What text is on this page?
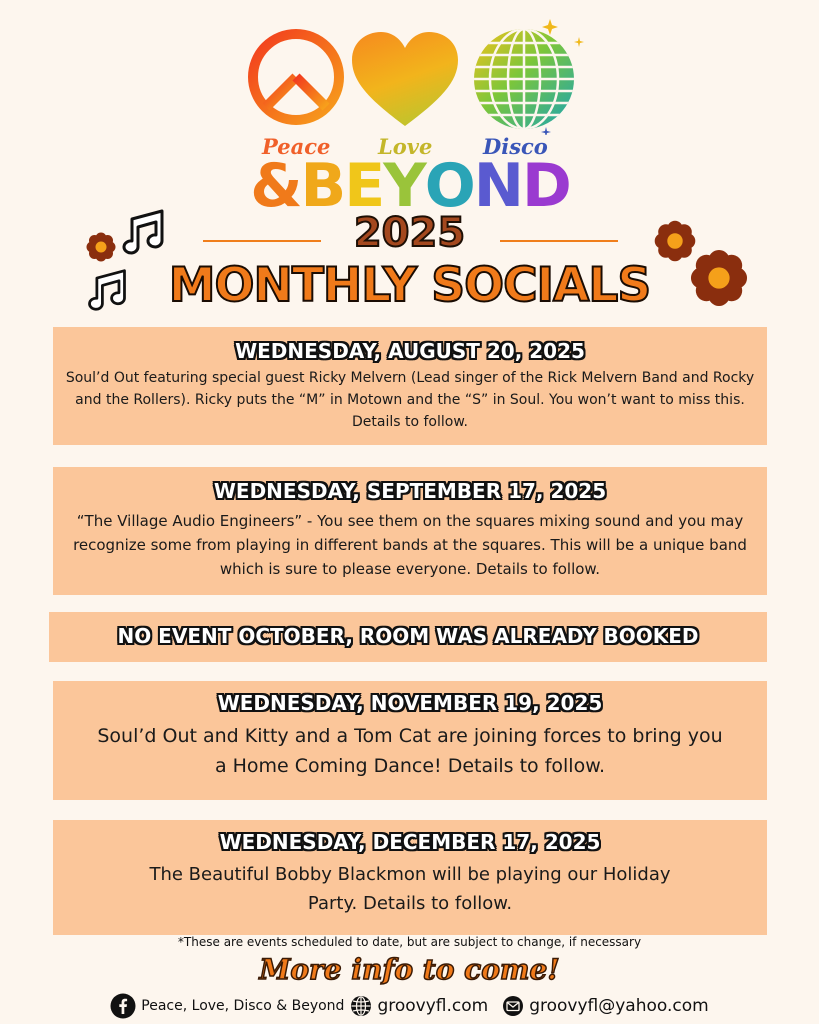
Peace Love Disco
&BEYOND
2025
MONTHLY SOCIALS
WEDNESDAY, AUGUST 20, 2025
Soul’d Out featuring special guest Ricky Melvern (Lead singer of the Rick Melvern Band and Rocky and the Rollers). Ricky puts the “M” in Motown and the “S” in Soul. You won’t want to miss this. Details to follow.
WEDNESDAY, SEPTEMBER 17, 2025
“The Village Audio Engineers” - You see them on the squares mixing sound and you may recognize some from playing in different bands at the squares. This will be a unique band which is sure to please everyone. Details to follow.
NO EVENT OCTOBER, ROOM WAS ALREADY BOOKED
WEDNESDAY, NOVEMBER 19, 2025
Soul’d Out and Kitty and a Tom Cat are joining forces to bring you a Home Coming Dance! Details to follow.
WEDNESDAY, DECEMBER 17, 2025
The Beautiful Bobby Blackmon will be playing our Holiday Party. Details to follow.
*These are events scheduled to date, but are subject to change, if necessary
More info to come!
Peace, Love, Disco & Beyond groovyfl.com groovyfl@yahoo.com
